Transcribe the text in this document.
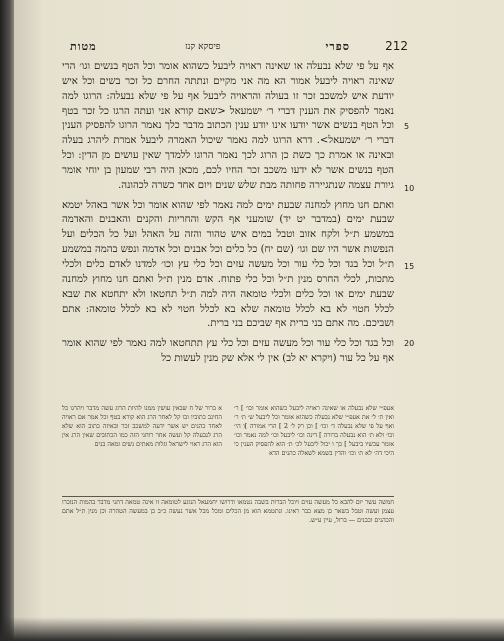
212
ספרי
פיסקא קנז
מטות

אף על פי שלא נבעלה או שאינה ראויה ליבעל כשהוא אומר וכל הטף בנשים וגו׳ הרי שאינה ראויה ליבעל אמור הא מה אני מקיים ונתתה החרם כל זכר בשים וכל איש יודעת איש למשכב זכר זו בעולה והראויה ליבעל אף על פי שלא נבעלה: הרוגו למה נאמר להפסיק את הענין דברי ר׳ ישמעאל <שאם קורא אני ועתה הרגו כל זכר בטף וכל הטף בנשים אשר יודעו אינו יודע ענין הכתוב מדבר כלך נאמר הרוגו להפסיק הענין דברי ר׳ ישמעאל>. דרא הרוגו למה נאמר שיכול האמרה ליבעל אמרת ליהרג בעלה ובאינה או אמרת כך כשת כן הרוג לכך נאמר הרוגו ללמדך שאין עושים מן הדין: וכל הטף בנשים אשר לא ידעו משכב זכר החיו לכם, מכאן היה רבי שמעון בן יוחי אומר גיורת עצמה שנתגיירה פחותה מבת שלש שנים ויום אחד כשרה לכהונה.

ואתם חנו מחוץ למחנה שבעת ימים למה נאמר לפי שהוא אומר וכל אשר באהל יטמא שבעת ימים (במדבר יט יד) שומעני אף הקש והחריות והקנים והאבנים והאדמה במשמע ת״ל ולקח אזוב וטבל במים איש טהור והזה על האהל ועל כל הכלים ועל הנפשות אשר היו שם וגו׳ (שם יח) כל כלים וכל אבנים וכל אדמה ונפש בהמה במשמע ת״ל וכל בגד וכל כלי עור וכל מעשה עזים וכל כלי עץ וכו׳ למדנו לאדם כלים ולכלי מתכות, לכלי החרס מנין ת״ל וכל כלי פתוח. אדם מנין ת״ל ואתם חנו מחוץ למחנה שבעת ימים או וכל כלים ולכלי טומאה היה למה ת״ל תחטאו ולא יתחטא את שבא לכלל חטוי לא בא לכלל טומאה שלא בא לכלל חטוי לא בא לכלל טומאה: אתם ושביכם. מה אתם בני ברית אף שביכם בני ברית.

וכל בגד וכל כלי עור וכל מעשה עזים וכל כלי עץ תתחטאו למה נאמר לפי שהוא אומר אף על כל עור (ויקרא יא לב) אין לי אלא שק מנין לעשות כל

5
10
15
20
אעפ״י שלא נבעלה או שאינה ראויה ליבעל כשהוא אומר וכו׳ ] ר׳ ואין ת׳ ל׳ את אעפ״י שלא נבעלה כשהוא אומר וכל ליבעל ש׳ ת׳ ר׳ ואף על פי שלא נבעלה ד׳ וכו׳ ] וכן רק ל׳ 2 ] הרי אמורה ]ו הי׳ וכו׳ ולא ת׳ הוא נבעלה ברורה ] דינה וכו׳ ליבעל וכו׳ למה נאמר וכו׳ אומר עכשיו ביבעל ] כך ו יכול ליבעל לכ׳ ת׳ הוא להפסיק הענין כי היכי דה׳ לא ת׳ וכו׳ והדין בשמא לשאלה כהנים הדא
א ברור של ח שבאין עושין ממנו להיות הרוג עשה מדבר ויהרגו כל החינב כתוביו ובו קל לאחר הרג הוא קורא בטף וכל אמר אם ראויה לאחד כהנים יש אשר ידעה למשכב זכר ובאיזה כתוב הוא שלא הרג לנבעלה קל ועשה אחר רוחני הזה כמו הכתובים שאין הרג אין הוא הרג ראוי לישראל וגלות מאתים נשים ומאה בנים
חמשה עשר יום להבא כל מעשה עזים ויוכל הברות בשבה נטמאו ודרושו יחמעאל הנוגע לטומאה זו אינה טמאה דתני מדבר בהמות הנזכרו עצמן ועשה וטבל בשאר כן מצא כבר ראינו. ונתטמא הוא מן הכלים ומכל מכל אשר נעשה כ״ב כן במעשה הטהרה וכן מנין ת״ל אתם והכהנים וכבנים — ברזל, עיין ע״ש.
